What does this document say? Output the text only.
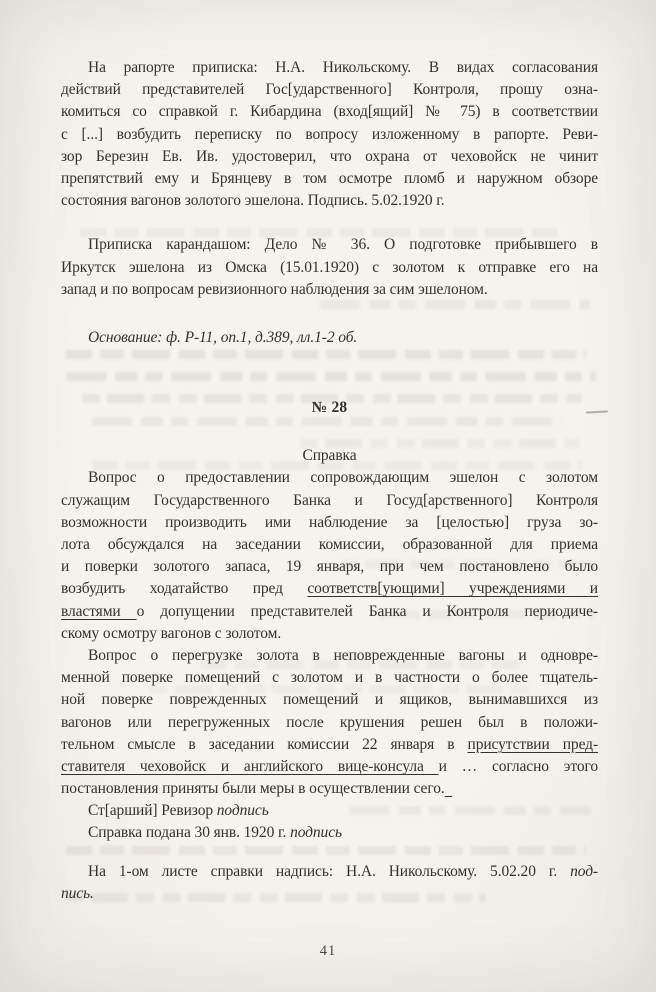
На рапорте приписка: Н.А. Никольскому. В видах согласования
действий представителей Гос[ударственного] Контроля, прошу озна-
комиться со справкой г. Кибардина (вход[ящий] № 75) в соответствии
с [...] возбудить переписку по вопросу изложенному в рапорте. Реви-
зор Березин Ев. Ив. удостоверил, что охрана от чеховойск не чинит
препятствий ему и Брянцеву в том осмотре пломб и наружном обзоре
состояния вагонов золотого эшелона. Подпись. 5.02.1920 г.
Приписка карандашом: Дело № 36. О подготовке прибывшего в
Иркутск эшелона из Омска (15.01.1920) с золотом к отправке его на
запад и по вопросам ревизионного наблюдения за сим эшелоном.
Основание: ф. Р-11, оп.1, д.389, лл.1-2 об.
№ 28
Справка
Вопрос о предоставлении сопровождающим эшелон с золотом
служащим Государственного Банка и Госуд[арственного] Контроля
возможности производить ими наблюдение за [целостью] груза зо-
лота обсуждался на заседании комиссии, образованной для приема
и поверки золотого запаса, 19 января, при чем постановлено было
возбудить ходатайство пред соответств[ующими] учреждениями и
властями о допущении представителей Банка и Контроля периодиче-
скому осмотру вагонов с золотом.
Вопрос о перегрузке золота в неповрежденные вагоны и одновре-
менной поверке помещений с золотом и в частности о более тщатель-
ной поверке поврежденных помещений и ящиков, вынимавшихся из
вагонов или перегруженных после крушения решен был в положи-
тельном смысле в заседании комиссии 22 января в присутствии пред-
ставителя чеховойск и английского вице-консула и … согласно этого
постановления приняты были меры в осуществлении сего.
Ст[арший] Ревизор подпись
Справка подана 30 янв. 1920 г. подпись
На 1-ом листе справки надпись: Н.А. Никольскому. 5.02.20 г. под-
пись.
41
